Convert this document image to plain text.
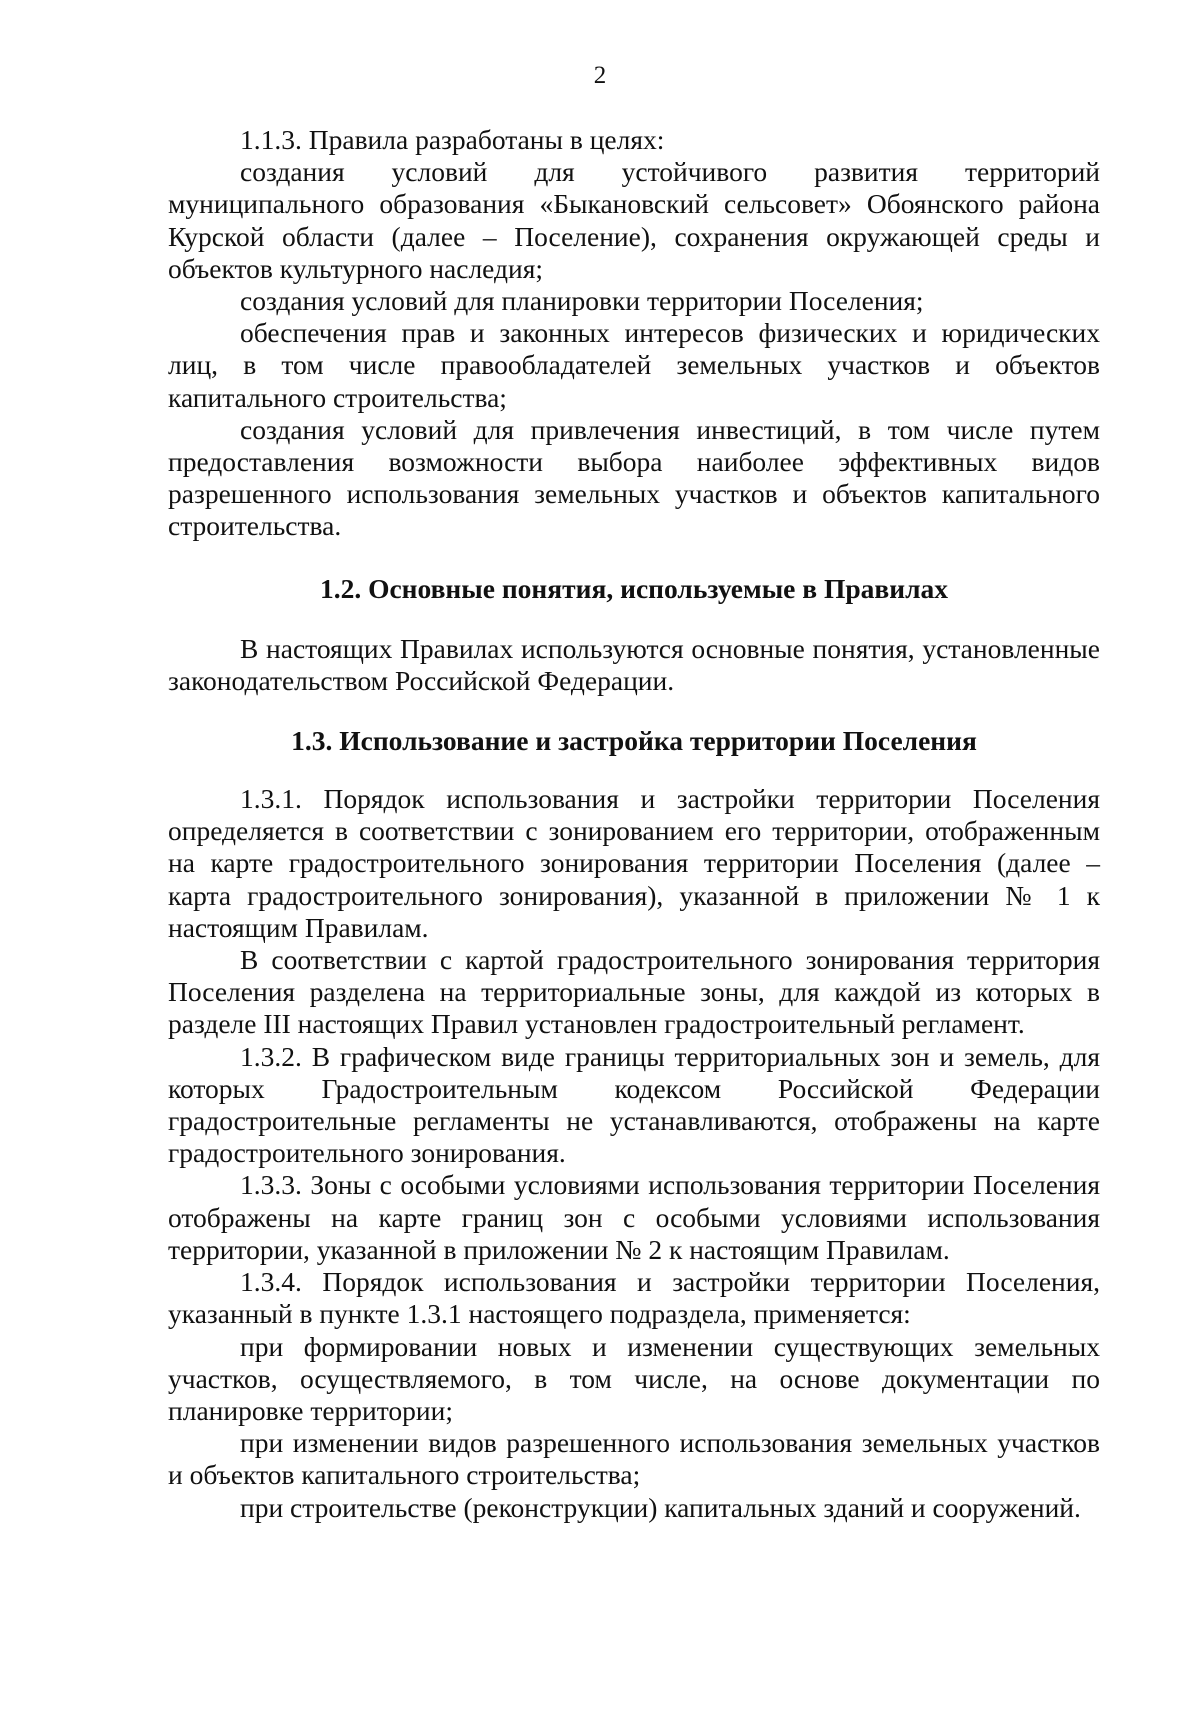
2

1.1.3. Правила разработаны в целях:

создания условий для устойчивого развития территорий муниципального образования «Быкановский сельсовет» Обоянского района Курской области (далее – Поселение), сохранения окружающей среды и объектов культурного наследия;

создания условий для планировки территории Поселения;

обеспечения прав и законных интересов физических и юридических лиц, в том числе правообладателей земельных участков и объектов капитального строительства;

создания условий для привлечения инвестиций, в том числе путем предоставления возможности выбора наиболее эффективных видов разрешенного использования земельных участков и объектов капитального строительства.

1.2. Основные понятия, используемые в Правилах

В настоящих Правилах используются основные понятия, установленные законодательством Российской Федерации.

1.3. Использование и застройка территории Поселения

1.3.1. Порядок использования и застройки территории Поселения определяется в соответствии с зонированием его территории, отображенным на карте градостроительного зонирования территории Поселения (далее – карта градостроительного зонирования), указанной в приложении № 1 к настоящим Правилам.

В соответствии с картой градостроительного зонирования территория Поселения разделена на территориальные зоны, для каждой из которых в разделе III настоящих Правил установлен градостроительный регламент.

1.3.2. В графическом виде границы территориальных зон и земель, для которых Градостроительным кодексом Российской Федерации градостроительные регламенты не устанавливаются, отображены на карте градостроительного зонирования.

1.3.3. Зоны с особыми условиями использования территории Поселения отображены на карте границ зон с особыми условиями использования территории, указанной в приложении № 2 к настоящим Правилам.

1.3.4. Порядок использования и застройки территории Поселения, указанный в пункте 1.3.1 настоящего подраздела, применяется:

при формировании новых и изменении существующих земельных участков, осуществляемого, в том числе, на основе документации по планировке территории;

при изменении видов разрешенного использования земельных участков и объектов капитального строительства;

при строительстве (реконструкции) капитальных зданий и сооружений.
